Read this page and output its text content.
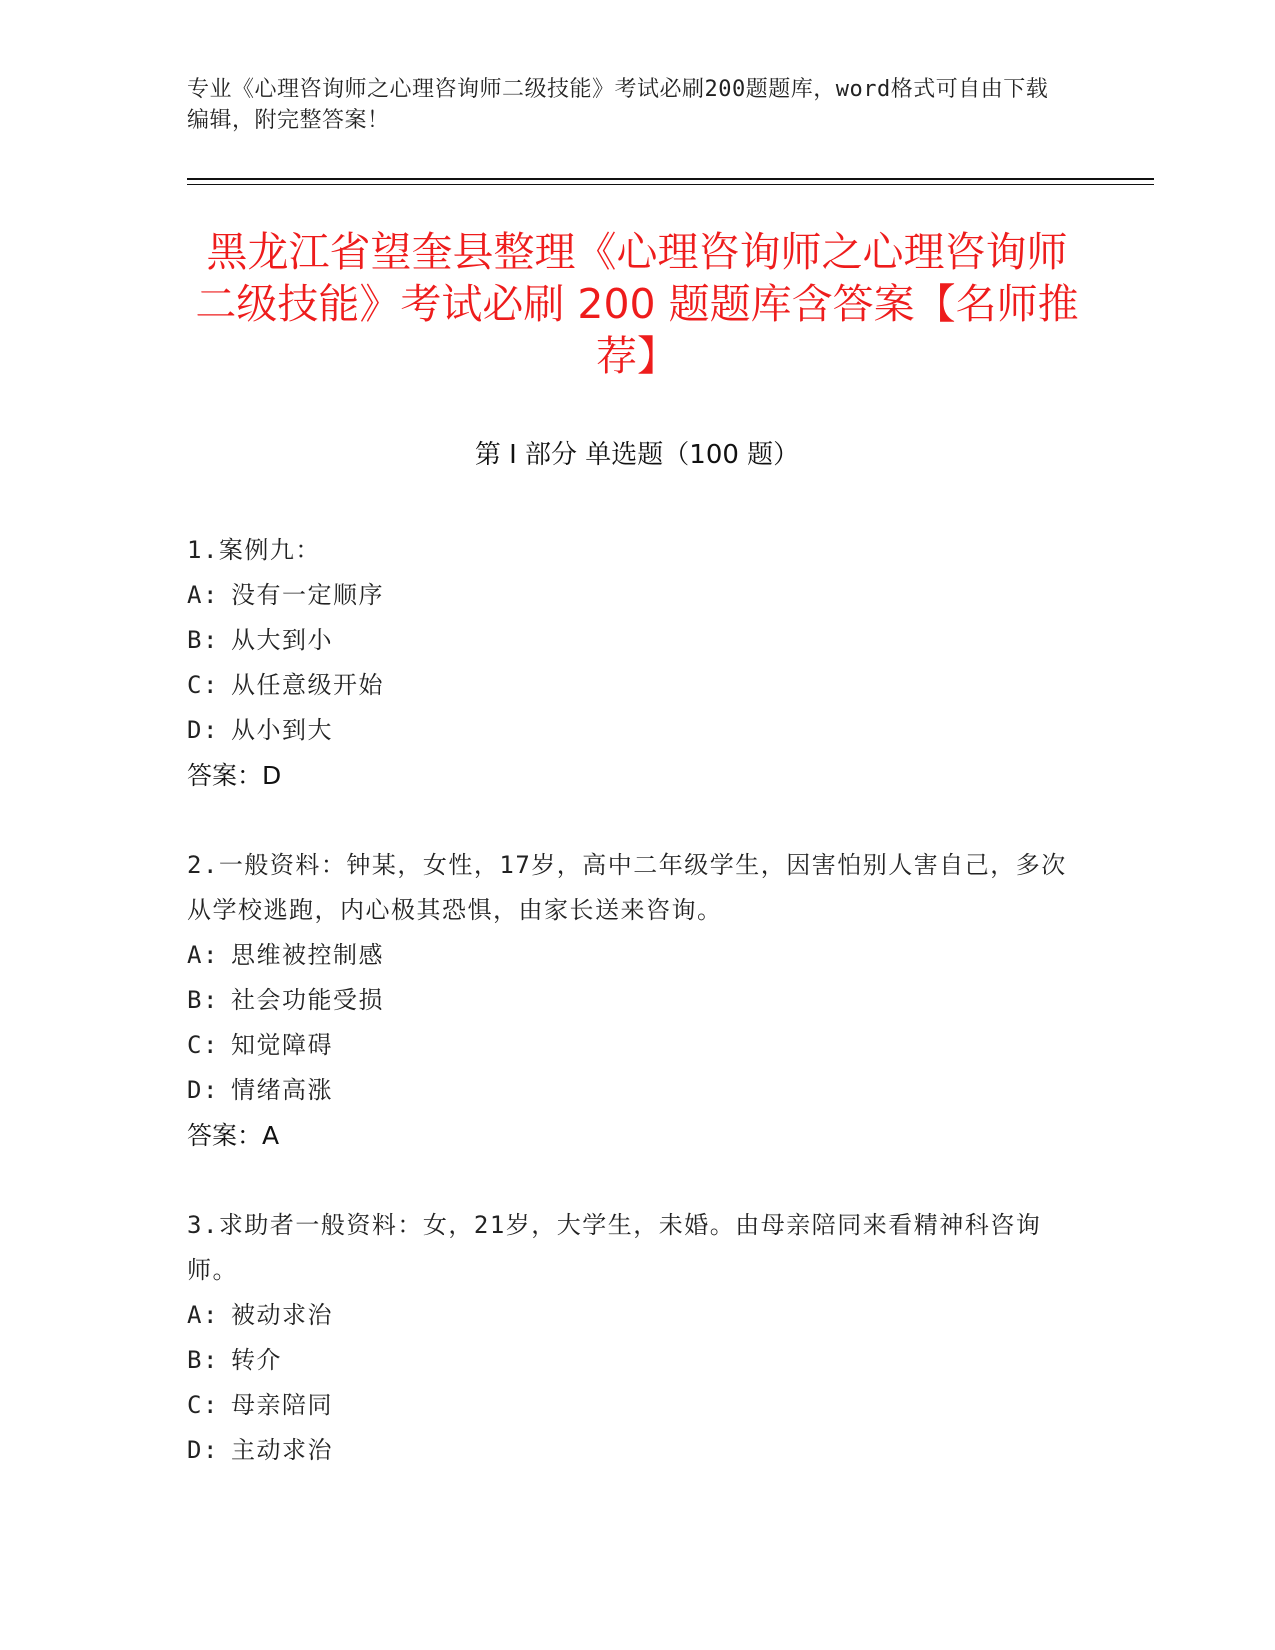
专业《心理咨询师之心理咨询师二级技能》考试必刷200题题库，word格式可自由下载编辑，附完整答案！
黑龙江省望奎县整理《心理咨询师之心理咨询师二级技能》考试必刷 200 题题库含答案【名师推荐】
第 I 部分 单选题（100 题）
1.案例九：
A: 没有一定顺序
B: 从大到小
C: 从任意级开始
D: 从小到大
答案：D
2.一般资料：钟某，女性，17岁，高中二年级学生，因害怕别人害自己，多次从学校逃跑，内心极其恐惧，由家长送来咨询。
A: 思维被控制感
B: 社会功能受损
C: 知觉障碍
D: 情绪高涨
答案：A
3.求助者一般资料：女，21岁，大学生，未婚。由母亲陪同来看精神科咨询师。
A: 被动求治
B: 转介
C: 母亲陪同
D: 主动求治
